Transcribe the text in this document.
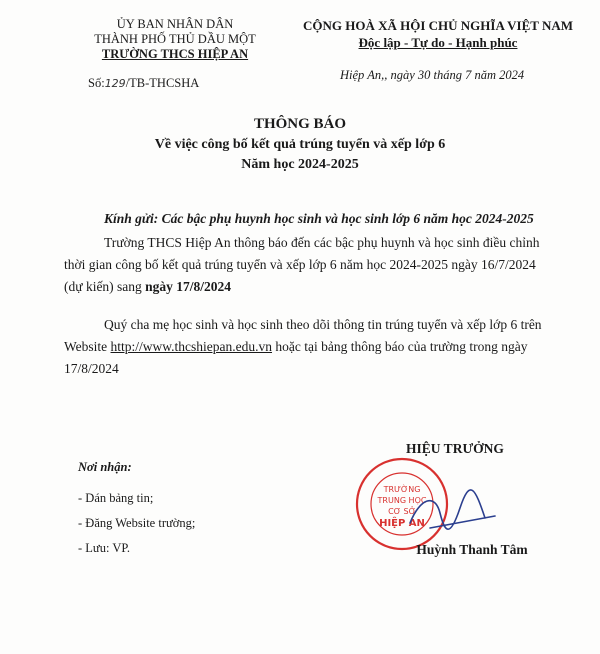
ỦY BAN NHÂN DÂN
THÀNH PHỐ THỦ DẦU MỘT
TRƯỜNG THCS HIỆP AN
Số:129/TB-THCSHA
CỘNG HOÀ XÃ HỘI CHỦ NGHĨA VIỆT NAM
Độc lập - Tự do - Hạnh phúc
Hiệp An,, ngày 30 tháng 7 năm 2024
THÔNG BÁO
Về việc công bố kết quả trúng tuyển và xếp lớp 6
Năm học 2024-2025
Kính gửi: Các bậc phụ huynh học sinh và học sinh lớp 6 năm học 2024-2025
Trường THCS Hiệp An thông báo đến các bậc phụ huynh và học sinh điều chỉnh
thời gian công bố kết quả trúng tuyển và xếp lớp 6 năm học 2024-2025 ngày 16/7/2024
(dự kiến) sang ngày 17/8/2024
Quý cha mẹ học sinh và học sinh theo dõi thông tin trúng tuyển và xếp lớp 6 trên
Website http://www.thcshiepan.edu.vn hoặc tại bảng thông báo của trường trong ngày
17/8/2024
Nơi nhận:
- Dán bảng tin;
- Đăng Website trường;
- Lưu: VP.
HIỆU TRƯỞNG
TRƯỜNG
TRUNG HỌC
CƠ SỞ
HIỆP AN
Huỳnh Thanh Tâm
